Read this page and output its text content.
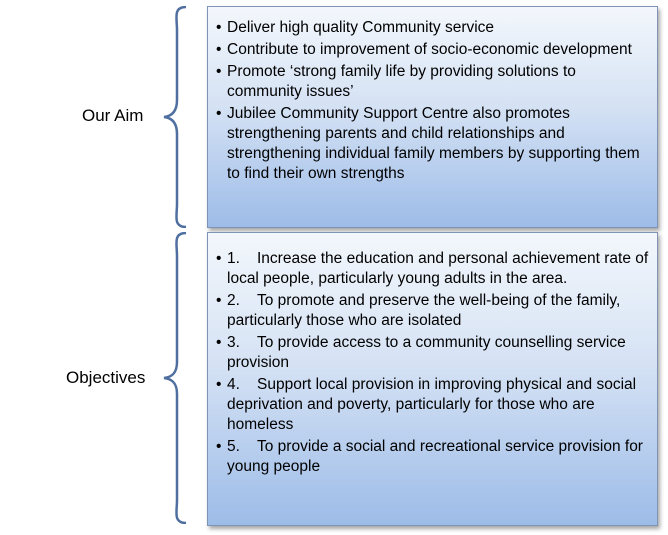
Our Aim
Objectives
• Deliver high quality Community service
• Contribute to improvement of socio-economic development
• Promote ‘strong family life by providing solutions to community issues’
• Jubilee Community Support Centre also promotes strengthening parents and child relationships and strengthening individual family members by supporting them to find their own strengths
• 1. Increase the education and personal achievement rate of local people, particularly young adults in the area.
• 2. To promote and preserve the well-being of the family, particularly those who are isolated
• 3. To provide access to a community counselling service provision
• 4. Support local provision in improving physical and social deprivation and poverty, particularly for those who are homeless
• 5. To provide a social and recreational service provision for young people
